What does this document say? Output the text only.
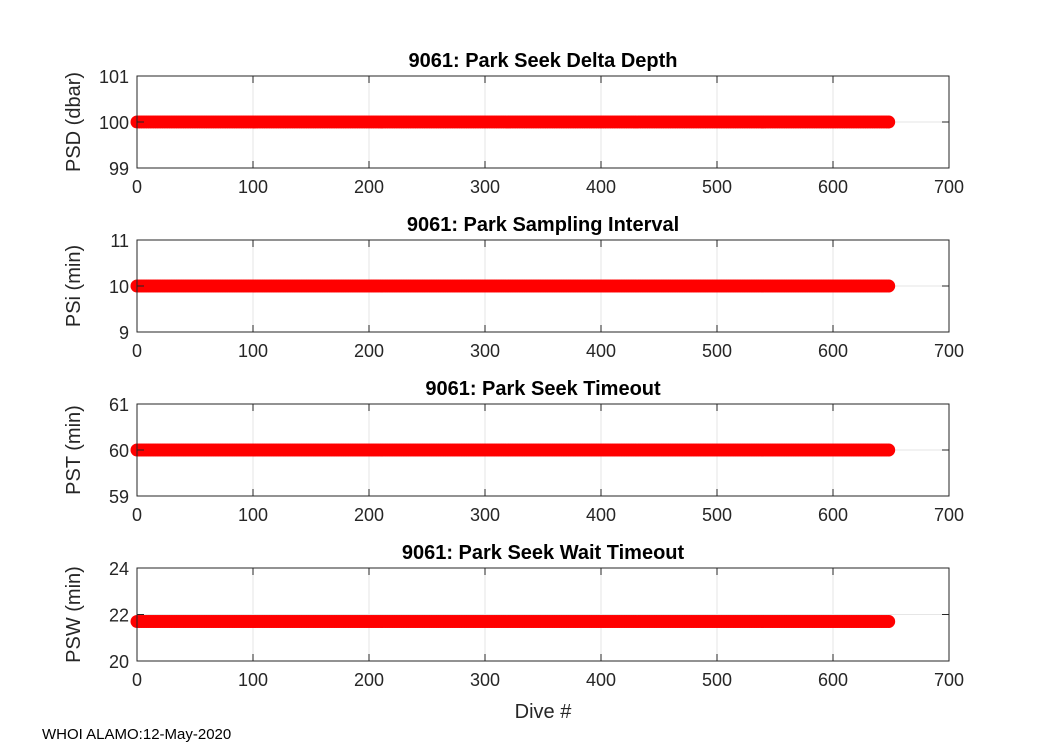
0	100	200	300	400	500	600	700
99
100
101
9061: Park Seek Delta Depth
PSD (dbar)
0	100	200	300	400	500	600	700
9
10
11
9061: Park Sampling Interval
PSi (min)
0	100	200	300	400	500	600	700
59
60
61
9061: Park Seek Timeout
PST (min)
0	100	200	300	400	500	600	700
20
22
24
9061: Park Seek Wait Timeout
PSW (min)
Dive #
WHOI ALAMO:12-May-2020
